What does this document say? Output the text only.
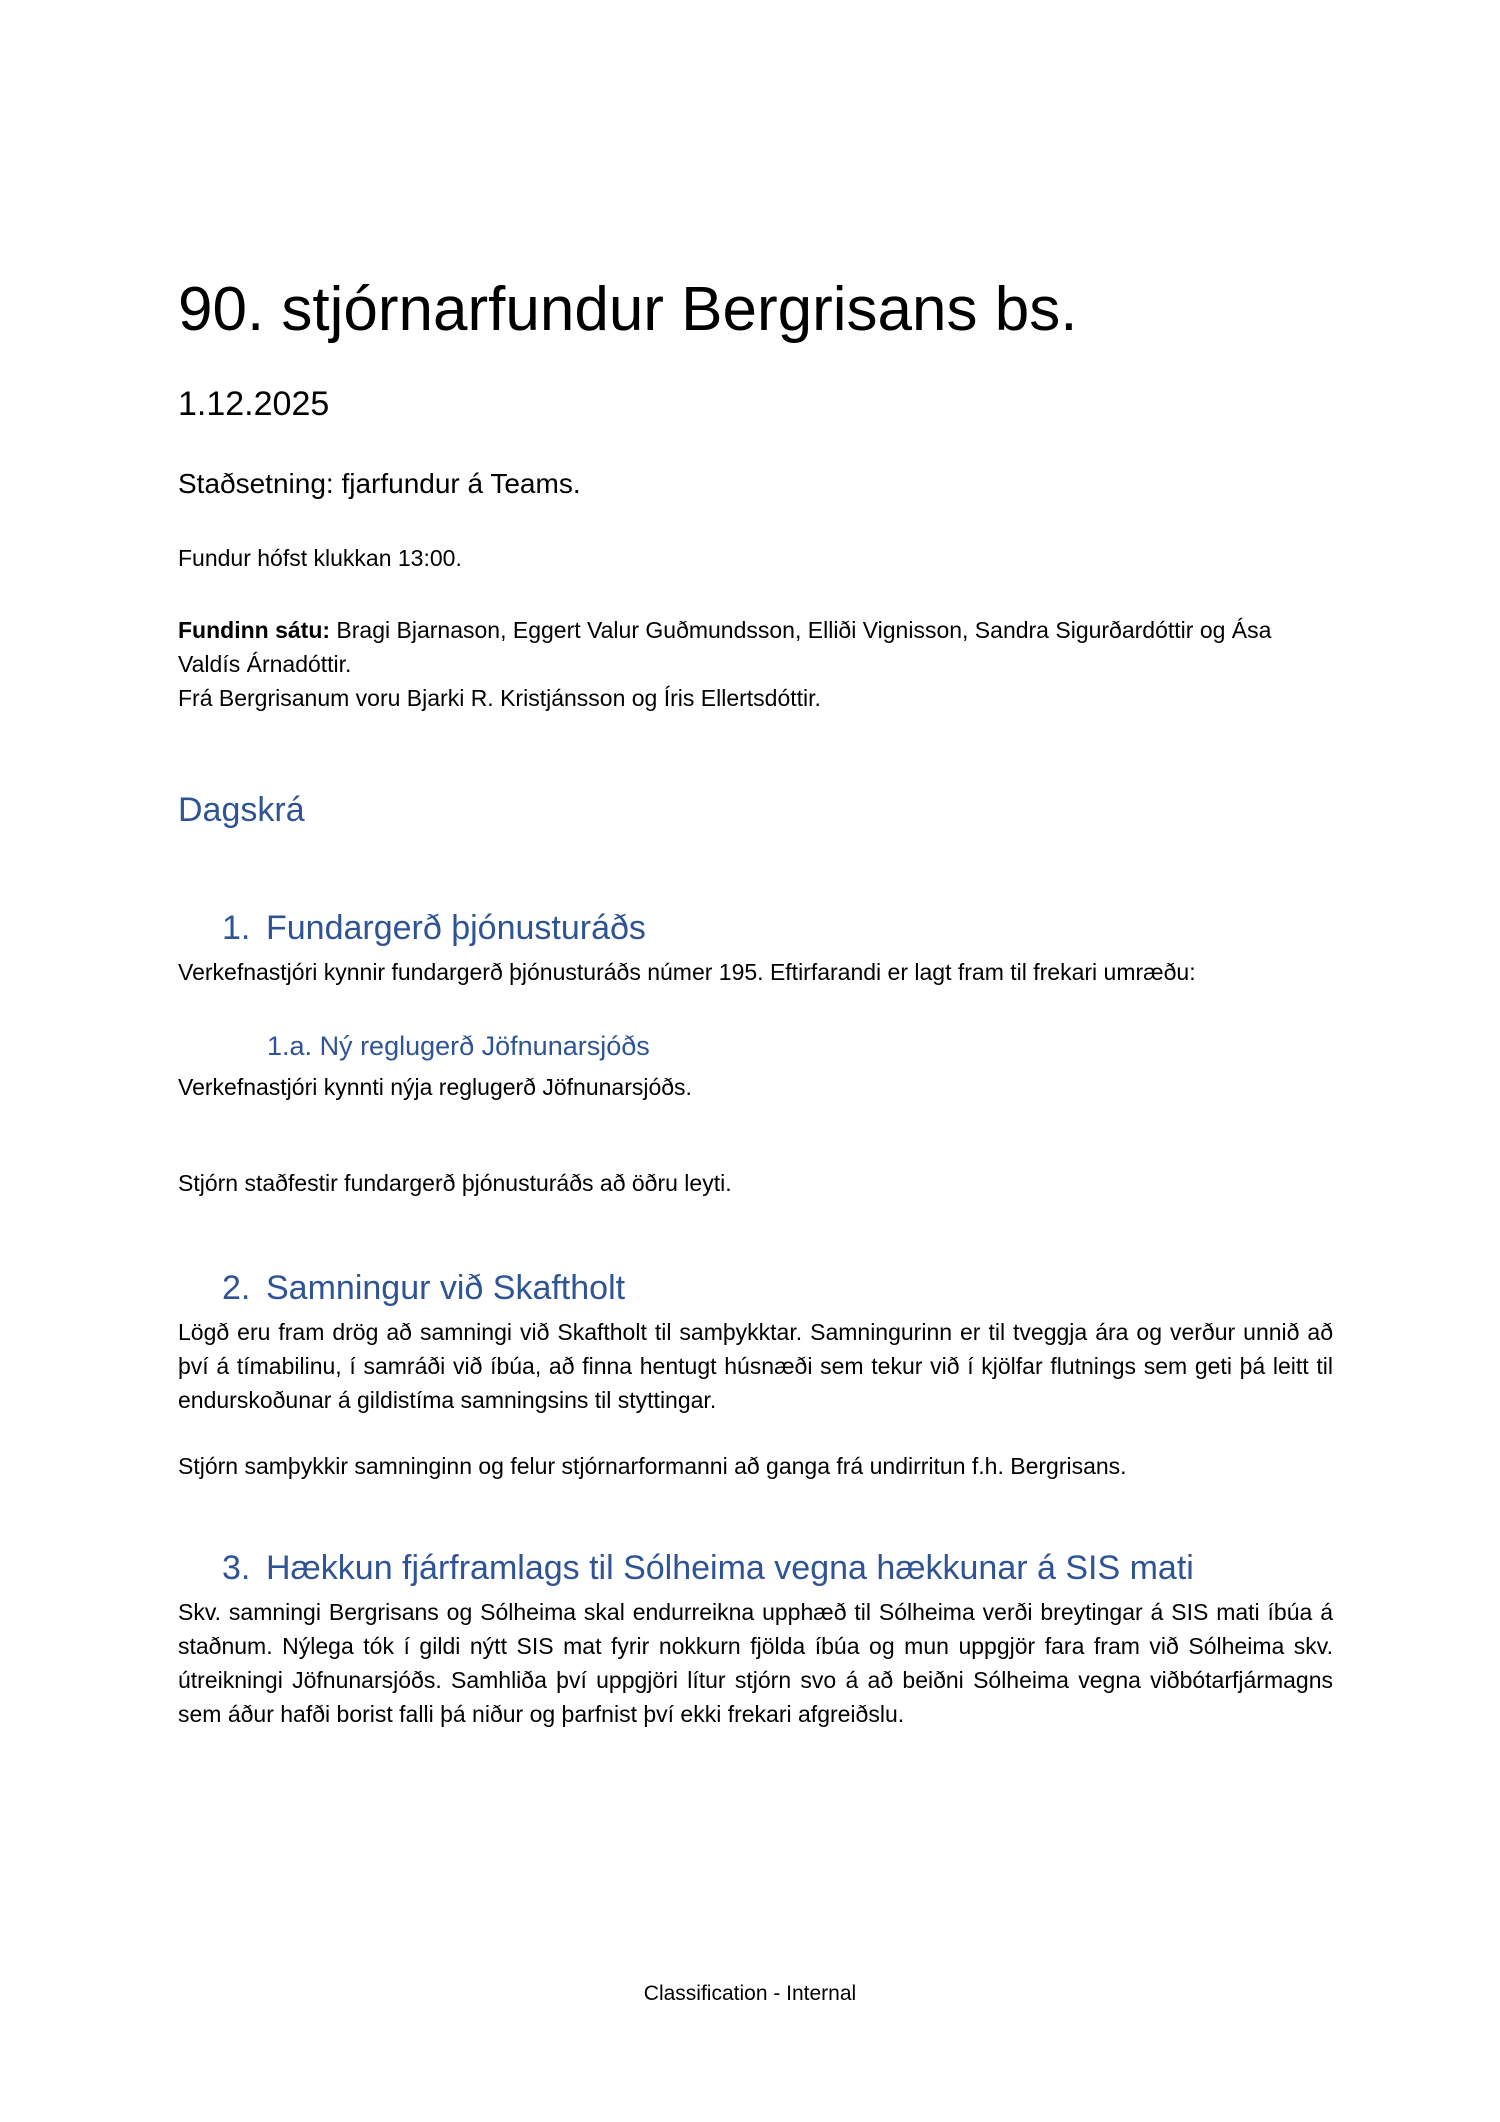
90. stjórnarfundur Bergrisans bs.
1.12.2025
Staðsetning: fjarfundur á Teams.
Fundur hófst klukkan 13:00.

Fundinn sátu: Bragi Bjarnason, Eggert Valur Guðmundsson, Elliði Vignisson, Sandra Sigurðardóttir og Ása Valdís Árnadóttir.

Frá Bergrisanum voru Bjarki R. Kristjánsson og Íris Ellertsdóttir.

Dagskrá
1. Fundargerð þjónusturáðs

Verkefnastjóri kynnir fundargerð þjónusturáðs númer 195. Eftirfarandi er lagt fram til frekari umræðu:

1.a. Ný reglugerð Jöfnunarsjóðs

Verkefnastjóri kynnti nýja reglugerð Jöfnunarsjóðs.

Stjórn staðfestir fundargerð þjónusturáðs að öðru leyti.

2. Samningur við Skaftholt

Lögð eru fram drög að samningi við Skaftholt til samþykktar. Samningurinn er til tveggja ára og verður unnið að því á tímabilinu, í samráði við íbúa, að finna hentugt húsnæði sem tekur við í kjölfar flutnings sem geti þá leitt til endurskoðunar á gildistíma samningsins til styttingar.

Stjórn samþykkir samninginn og felur stjórnarformanni að ganga frá undirritun f.h. Bergrisans.

3. Hækkun fjárframlags til Sólheima vegna hækkunar á SIS mati

Skv. samningi Bergrisans og Sólheima skal endurreikna upphæð til Sólheima verði breytingar á SIS mati íbúa á staðnum. Nýlega tók í gildi nýtt SIS mat fyrir nokkurn fjölda íbúa og mun uppgjör fara fram við Sólheima skv. útreikningi Jöfnunarsjóðs. Samhliða því uppgjöri lítur stjórn svo á að beiðni Sólheima vegna viðbótarfjármagns sem áður hafði borist falli þá niður og þarfnist því ekki frekari afgreiðslu.

Classification - Internal
